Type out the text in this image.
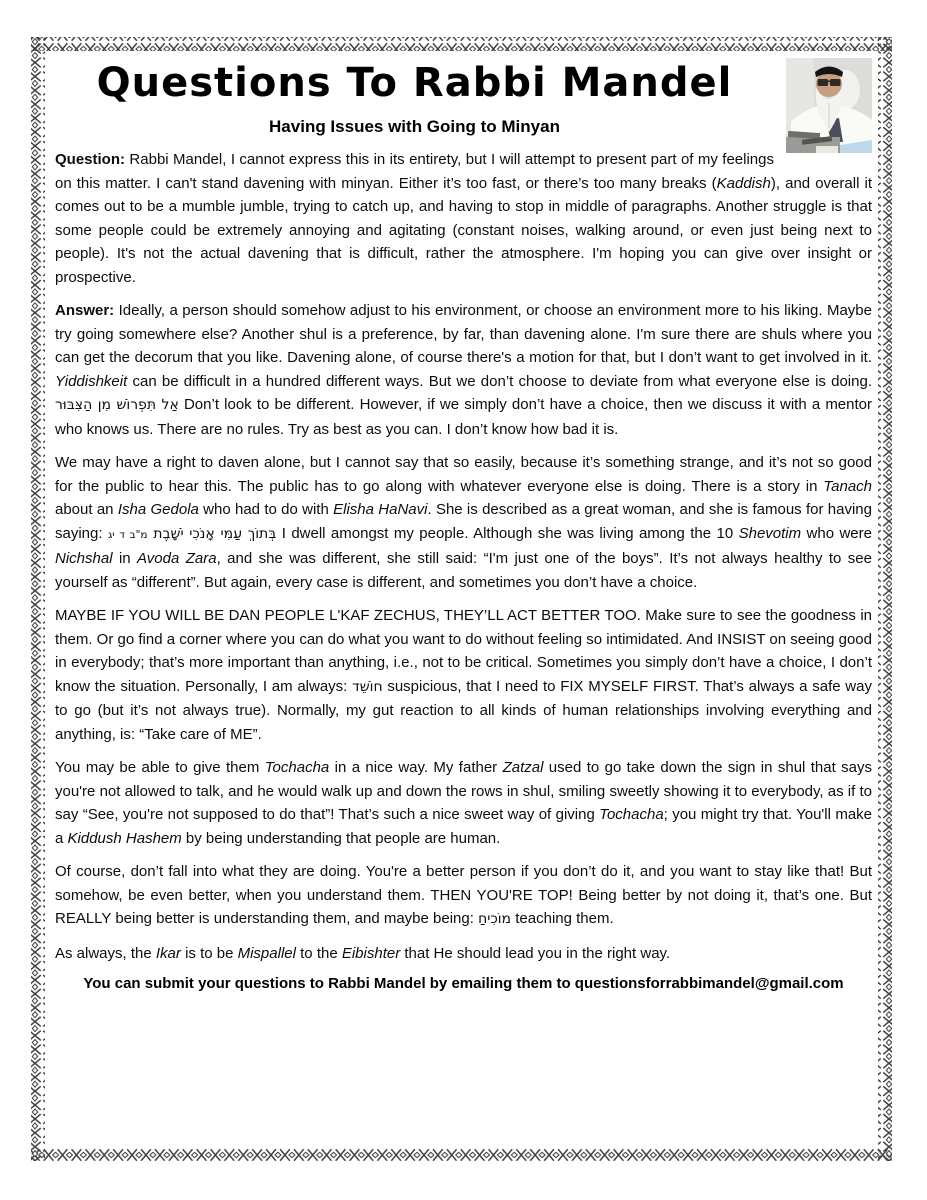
Questions To Rabbi Mandel
Having Issues with Going to Minyan

Question: Rabbi Mandel, I cannot express this in its entirety, but I will attempt to present part of my feelings on this matter. I can't stand davening with minyan. Either it’s too fast, or there’s too many breaks (Kaddish), and overall it comes out to be a mumble jumble, trying to catch up, and having to stop in middle of paragraphs. Another struggle is that some people could be extremely annoying and agitating (constant noises, walking around, or even just being next to people). It's not the actual davening that is difficult, rather the atmosphere. I'm hoping you can give over insight or prospective.

Answer: Ideally, a person should somehow adjust to his environment, or choose an environment more to his liking. Maybe try going somewhere else? Another shul is a preference, by far, than davening alone. I'm sure there are shuls where you can get the decorum that you like. Davening alone, of course there's a motion for that, but I don’t want to get involved in it. Yiddishkeit can be difficult in a hundred different ways. But we don’t choose to deviate from what everyone else is doing. אַל תִּפְרוֹשׁ מִן הַצִּבּוּר Don’t look to be different. However, if we simply don’t have a choice, then we discuss it with a mentor who knows us. There are no rules. Try as best as you can. I don’t know how bad it is.

We may have a right to daven alone, but I cannot say that so easily, because it’s something strange, and it’s not so good for the public to hear this. The public has to go along with whatever everyone else is doing. There is a story in Tanach about an Isha Gedola who had to do with Elisha HaNavi. She is described as a great woman, and she is famous for having saying:	בְּתוֹךְ עַמִּי אָנֹכִי יֹשָׁבֶת מ"ב ד יג	I dwell amongst my people. Although she was living among the 10 Shevotim who were Nichshal in Avoda Zara, and she was different, she still said: “I'm just one of the boys”. It’s not always healthy to see yourself as “different”. But again, every case is different, and sometimes you don’t have a choice.

MAYBE IF YOU WILL BE DAN PEOPLE L'KAF ZECHUS, THEY’LL ACT BETTER TOO. Make sure to see the goodness in them. Or go find a corner where you can do what you want to do without feeling so intimidated. And INSIST on seeing good in everybody; that’s more important than anything, i.e., not to be critical. Sometimes you simply don’t have a choice, I don’t know the situation. Personally, I am always: חוֹשֵׁד suspicious, that I need to FIX MYSELF FIRST. That’s always a safe way to go (but it’s not always true). Normally, my gut reaction to all kinds of human relationships involving everything and anything, is: “Take care of ME”.

You may be able to give them Tochacha in a nice way. My father Zatzal used to go take down the sign in shul that says you're not allowed to talk, and he would walk up and down the rows in shul, smiling sweetly showing it to everybody, as if to say “See, you're not supposed to do that”! That’s such a nice sweet way of giving Tochacha; you might try that. You'll make a Kiddush Hashem by being understanding that people are human.

Of course, don’t fall into what they are doing. You're a better person if you don’t do it, and you want to stay like that! But somehow, be even better, when you understand them. THEN YOU'RE TOP! Being better by not doing it, that’s one. But REALLY being better is understanding them, and maybe being: מוֹכִיחַ teaching them.

As always, the Ikar is to be Mispallel to the Eibishter that He should lead you in the right way.

You can submit your questions to Rabbi Mandel by emailing them to questionsforrabbimandel@gmail.com
